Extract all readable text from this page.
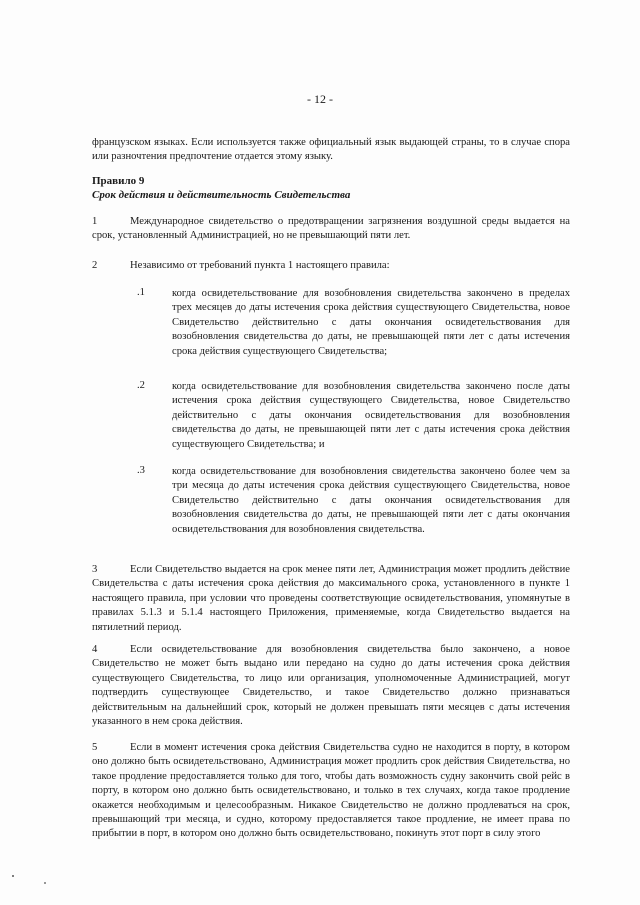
- 12 -
французском языках. Если используется также официальный язык выдающей страны, то в случае спора или разночтения предпочтение отдается этому языку.
Правило 9
Срок действия и действительность Свидетельства
1	Международное свидетельство о предотвращении загрязнения воздушной среды выдается на срок, установленный Администрацией, но не превышающий пяти лет.
2	Независимо от требований пункта 1 настоящего правила:
.1	когда освидетельствование для возобновления свидетельства закончено в пределах трех месяцев до даты истечения срока действия существующего Свидетельства, новое Свидетельство действительно с даты окончания освидетельствования для возобновления свидетельства до даты, не превышающей пяти лет с даты истечения срока действия существующего Свидетельства;
.2	когда освидетельствование для возобновления свидетельства закончено после даты истечения срока действия существующего Свидетельства, новое Свидетельство действительно с даты окончания освидетельствования для возобновления свидетельства до даты, не превышающей пяти лет с даты истечения срока действия существующего Свидетельства; и
.3	когда освидетельствование для возобновления свидетельства закончено более чем за три месяца до даты истечения срока действия существующего Свидетельства, новое Свидетельство действительно с даты окончания освидетельствования для возобновления свидетельства до даты, не превышающей пяти лет с даты окончания освидетельствования для возобновления свидетельства.
3	Если Свидетельство выдается на срок менее пяти лет, Администрация может продлить действие Свидетельства с даты истечения срока действия до максимального срока, установленного в пункте 1 настоящего правила, при условии что проведены соответствующие освидетельствования, упомянутые в правилах 5.1.3 и 5.1.4 настоящего Приложения, применяемые, когда Свидетельство выдается на пятилетний период.
4	Если освидетельствование для возобновления свидетельства было закончено, а новое Свидетельство не может быть выдано или передано на судно до даты истечения срока действия существующего Свидетельства, то лицо или организация, уполномоченные Администрацией, могут подтвердить существующее Свидетельство, и такое Свидетельство должно признаваться действительным на дальнейший срок, который не должен превышать пяти месяцев с даты истечения указанного в нем срока действия.
5	Если в момент истечения срока действия Свидетельства судно не находится в порту, в котором оно должно быть освидетельствовано, Администрация может продлить срок действия Свидетельства, но такое продление предоставляется только для того, чтобы дать возможность судну закончить свой рейс в порту, в котором оно должно быть освидетельствовано, и только в тех случаях, когда такое продление окажется необходимым и целесообразным. Никакое Свидетельство не должно продлеваться на срок, превышающий три месяца, и судно, которому предоставляется такое продление, не имеет права по прибытии в порт, в котором оно должно быть освидетельствовано, покинуть этот порт в силу этого
